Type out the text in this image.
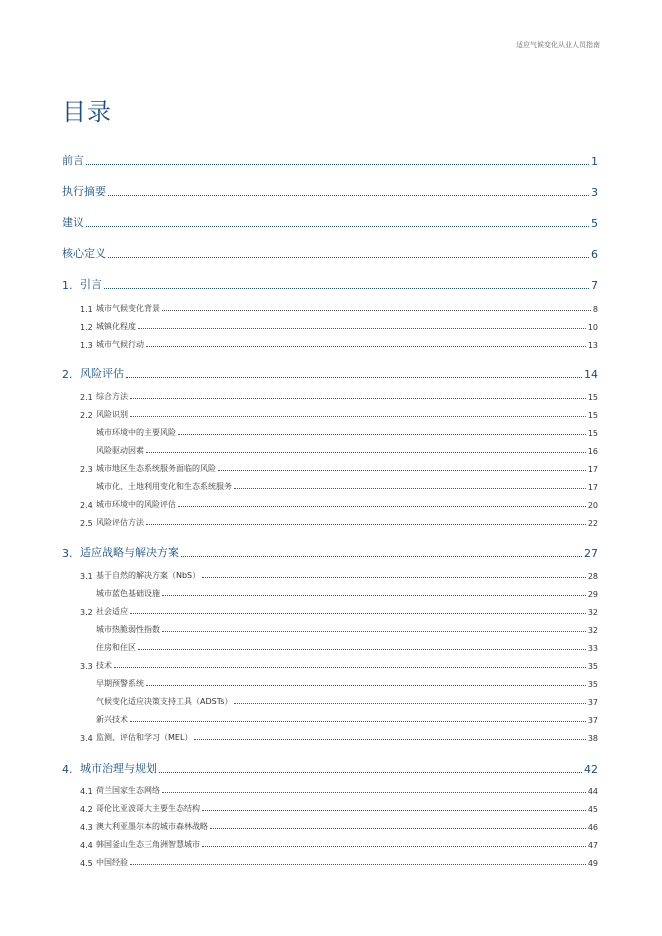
适应气候变化从业人员指南
目录
前言	1
执行摘要	3
建议	5
核心定义	6
1. 引言	7
1.1 城市气候变化背景	8
1.2 城镇化程度	10
1.3 城市气候行动	13
2. 风险评估	14
2.1 综合方法	15
2.2 风险识别	15
城市环境中的主要风险	15
风险驱动因素	16
2.3 城市地区生态系统服务面临的风险	17
城市化、土地利用变化和生态系统服务	17
2.4 城市环境中的风险评估	20
2.5 风险评估方法	22
3. 适应战略与解决方案	27
3.1 基于自然的解决方案（NbS）	28
城市蓝色基础设施	29
3.2 社会适应	32
城市热脆弱性指数	32
住房和住区	33
3.3 技术	35
早期预警系统	35
气候变化适应决策支持工具（ADSTs）	37
新兴技术	37
3.4 监测、评估和学习（MEL）	38
4. 城市治理与规划	42
4.1 荷兰国家生态网络	44
4.2 哥伦比亚波哥大主要生态结构	45
4.3 澳大利亚墨尔本的城市森林战略	46
4.4 韩国釜山生态三角洲智慧城市	47
4.5 中国经验	49
